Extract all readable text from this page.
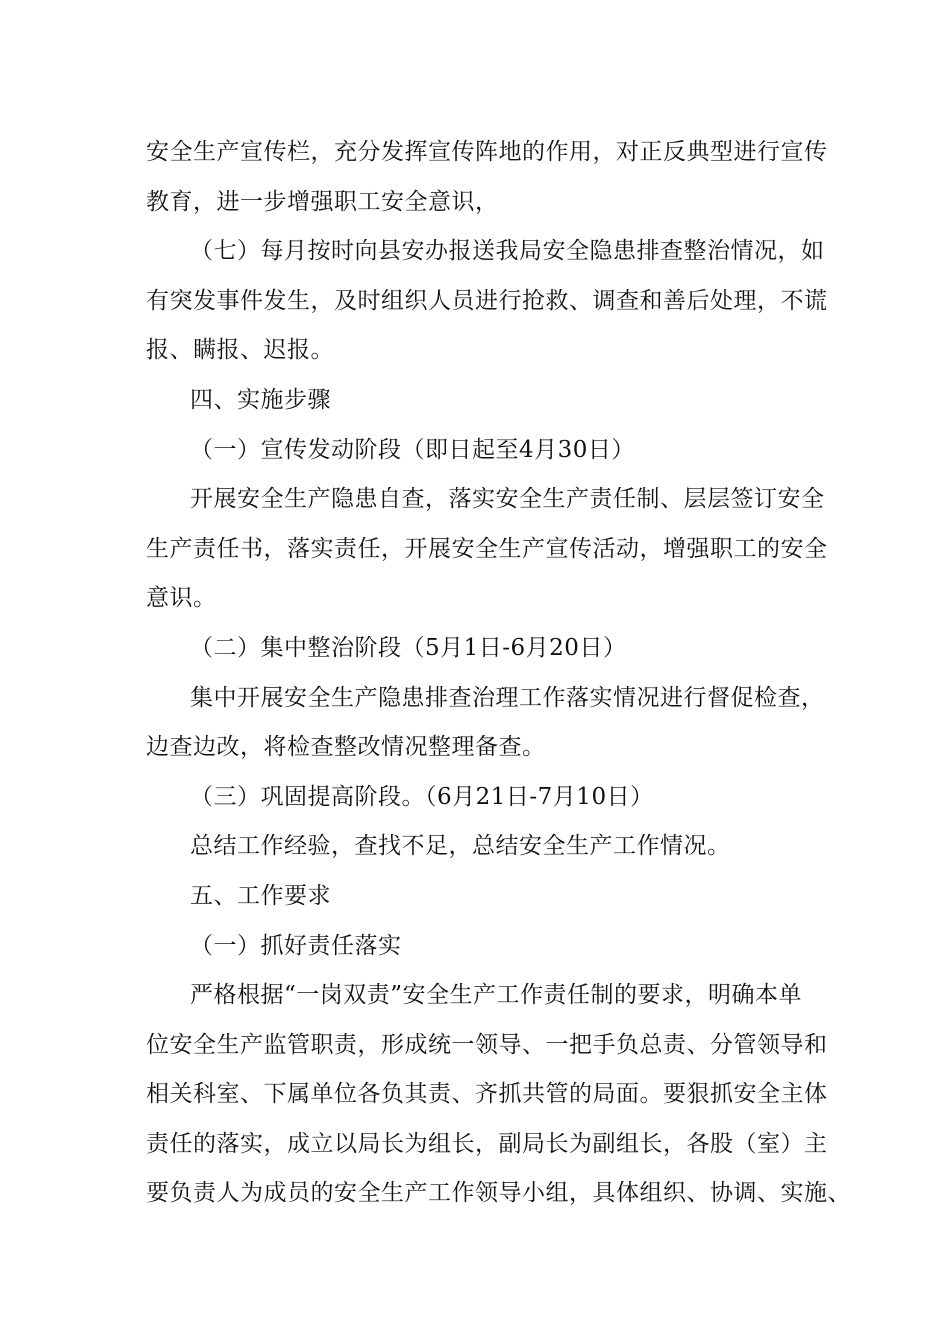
安全生产宣传栏，充分发挥宣传阵地的作用，对正反典型进行宣传
教育，进一步增强职工安全意识，
（七）每月按时向县安办报送我局安全隐患排查整治情况，如
有突发事件发生，及时组织人员进行抢救、调查和善后处理，不谎
报、瞒报、迟报。
四、实施步骤
（一）宣传发动阶段（即日起至4月30日）
开展安全生产隐患自查，落实安全生产责任制、层层签订安全
生产责任书，落实责任，开展安全生产宣传活动，增强职工的安全
意识。
（二）集中整治阶段（5月1日-6月20日）
集中开展安全生产隐患排查治理工作落实情况进行督促检查，
边查边改，将检查整改情况整理备查。
（三）巩固提高阶段。（6月21日-7月10日）
总结工作经验，查找不足，总结安全生产工作情况。
五、工作要求
（一）抓好责任落实
严格根据“一岗双责”安全生产工作责任制的要求，明确本单
位安全生产监管职责，形成统一领导、一把手负总责、分管领导和
相关科室、下属单位各负其责、齐抓共管的局面。要狠抓安全主体
责任的落实，成立以局长为组长，副局长为副组长，各股（室）主
要负责人为成员的安全生产工作领导小组，具体组织、协调、实施、
